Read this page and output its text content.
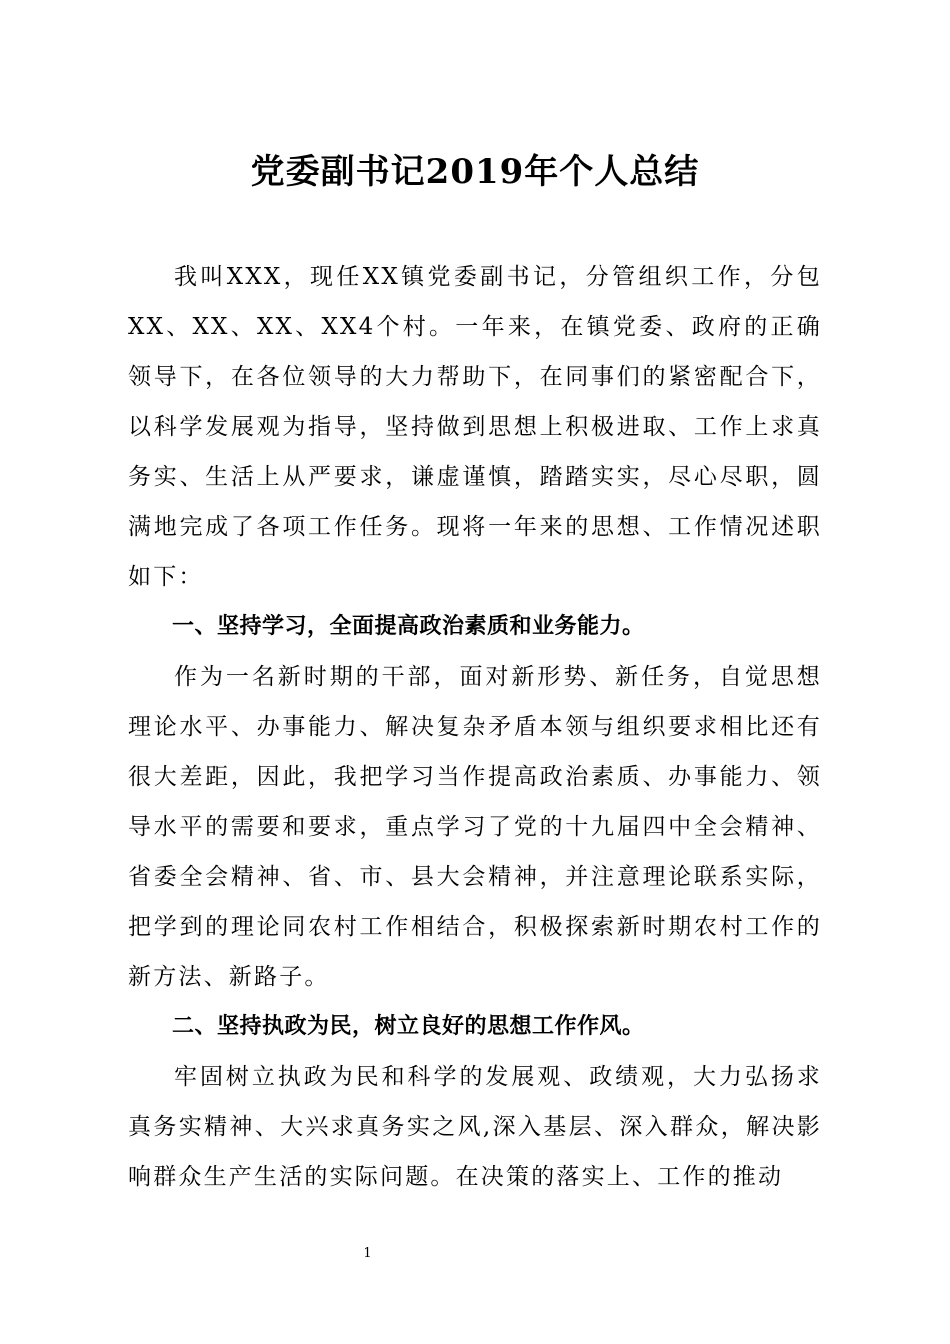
党委副书记2019年个人总结

我叫XXX，现任XX镇党委副书记，分管组织工作，分包XX、XX、XX、XX4个村。一年来，在镇党委、政府的正确领导下，在各位领导的大力帮助下，在同事们的紧密配合下，以科学发展观为指导，坚持做到思想上积极进取、工作上求真务实、生活上从严要求，谦虚谨慎，踏踏实实，尽心尽职，圆满地完成了各项工作任务。现将一年来的思想、工作情况述职如下：

一、坚持学习，全面提高政治素质和业务能力。

作为一名新时期的干部，面对新形势、新任务，自觉思想理论水平、办事能力、解决复杂矛盾本领与组织要求相比还有很大差距，因此，我把学习当作提高政治素质、办事能力、领导水平的需要和要求，重点学习了党的十九届四中全会精神、省委全会精神、省、市、县大会精神，并注意理论联系实际，把学到的理论同农村工作相结合，积极探索新时期农村工作的新方法、新路子。

二、坚持执政为民，树立良好的思想工作作风。

牢固树立执政为民和科学的发展观、政绩观，大力弘扬求真务实精神、大兴求真务实之风,深入基层、深入群众，解决影响群众生产生活的实际问题。在决策的落实上、工作的推动

1
